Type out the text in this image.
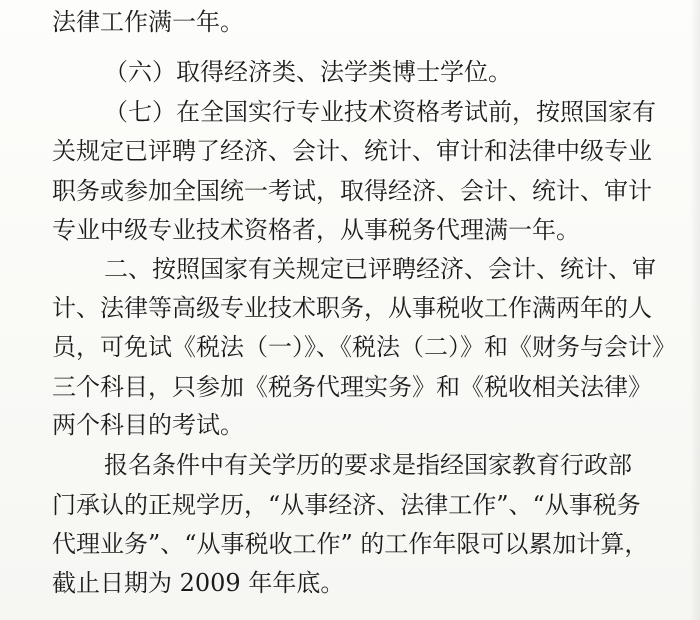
法律工作满一年。
（六）取得经济类、法学类博士学位。
（七）在全国实行专业技术资格考试前，按照国家有
关规定已评聘了经济、会计、统计、审计和法律中级专业
职务或参加全国统一考试，取得经济、会计、统计、审计
专业中级专业技术资格者，从事税务代理满一年。
二、按照国家有关规定已评聘经济、会计、统计、审
计、法律等高级专业技术职务，从事税收工作满两年的人
员，可免试《税法（一）》、《税法（二）》和《财务与会计》
三个科目，只参加《税务代理实务》和《税收相关法律》
两个科目的考试。
报名条件中有关学历的要求是指经国家教育行政部
门承认的正规学历，“从事经济、法律工作”、“从事税务
代理业务”、“从事税收工作” 的工作年限可以累加计算，
截止日期为 2009 年年底。
